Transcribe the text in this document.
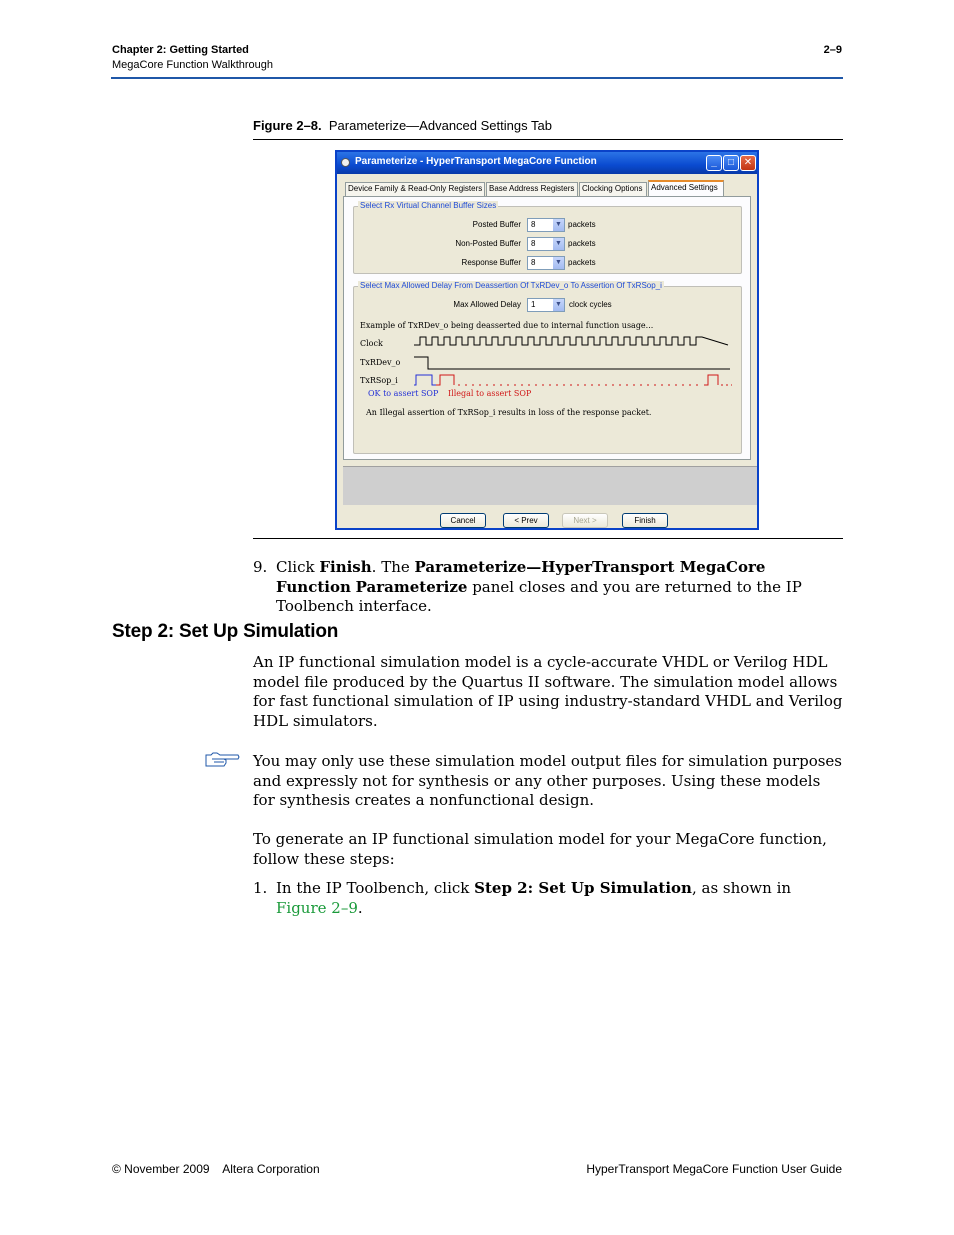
Chapter 2: Getting Started
MegaCore Function Walkthrough
2–9
Figure 2–8. Parameterize—Advanced Settings Tab
Parameterize - HyperTransport MegaCore Function	_	□ ✕
Device Family & Read-Only Registers Base Address Registers Clocking Options	Advanced Settings
Select Rx Virtual Channel Buffer Sizes
Posted Buffer	8	▼ packets
Non-Posted Buffer	8	▼ packets
Response Buffer	8	▼ packets
Select Max Allowed Delay From Deassertion Of TxRDev_o To Assertion Of TxRSop_i
Max Allowed Delay	1	▼ clock cycles
Example of TxRDev_o being deasserted due to internal function usage...
Clock
TxRDev_o
TxRSop_i
OK to assert SOP Illegal to assert SOP
An Illegal assertion of TxRSop_i results in loss of the response packet.
Cancel	< Prev	Next >	Finish
9. Click Finish. The Parameterize—HyperTransport MegaCore Function Parameterize panel closes and you are returned to the IP Toolbench interface.
Step 2: Set Up Simulation
An IP functional simulation model is a cycle-accurate VHDL or Verilog HDL model file produced by the Quartus II software. The simulation model allows for fast functional simulation of IP using industry-standard VHDL and Verilog HDL simulators.
You may only use these simulation model output files for simulation purposes and expressly not for synthesis or any other purposes. Using these models for synthesis creates a nonfunctional design.
To generate an IP functional simulation model for your MegaCore function, follow these steps:
1. In the IP Toolbench, click Step 2: Set Up Simulation, as shown in Figure 2–9.
© November 2009    Altera Corporation	HyperTransport MegaCore Function User Guide
